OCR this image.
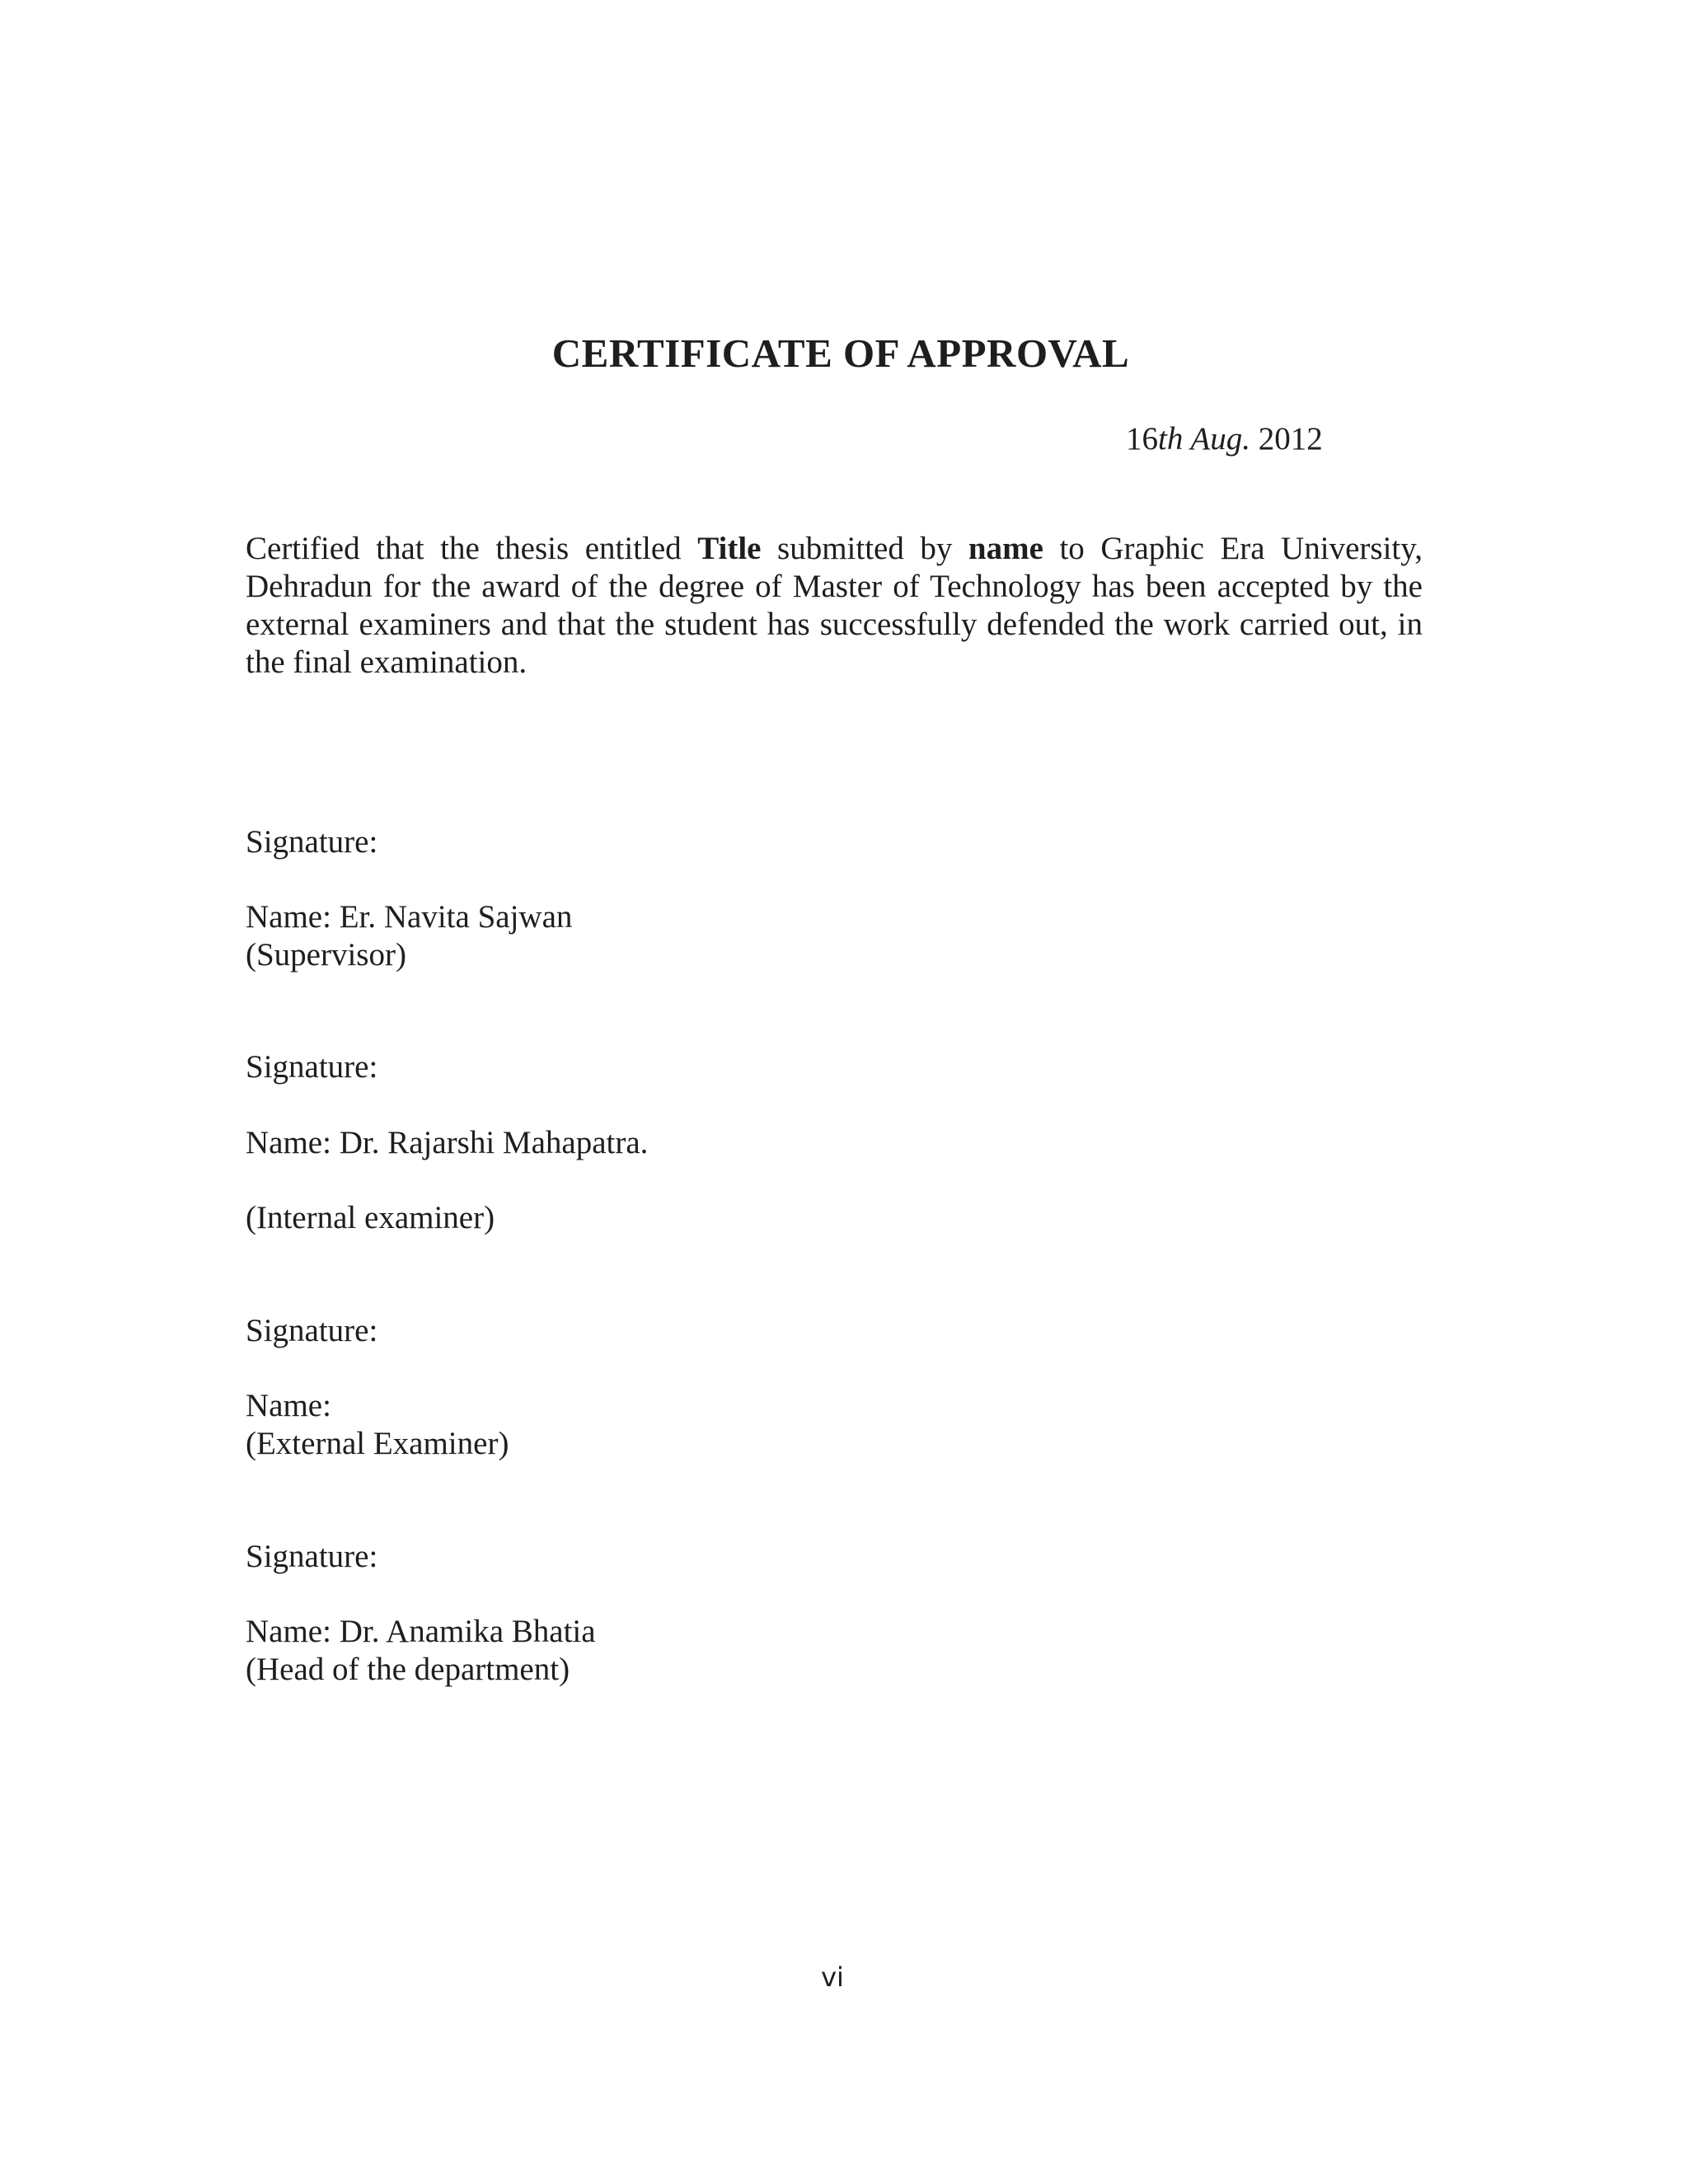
CERTIFICATE OF APPROVAL
16th Aug. 2012

Certified that the thesis entitled Title submitted by name to Graphic Era University, Dehradun for the award of the degree of Master of Technology has been accepted by the external examiners and that the student has successfully defended the work carried out, in the final examination.

Signature:
Name: Er. Navita Sajwan
(Supervisor)
Signature:
Name: Dr. Rajarshi Mahapatra.
(Internal examiner)
Signature:
Name:
(External Examiner)
Signature:
Name: Dr. Anamika Bhatia
(Head of the department)
vi
